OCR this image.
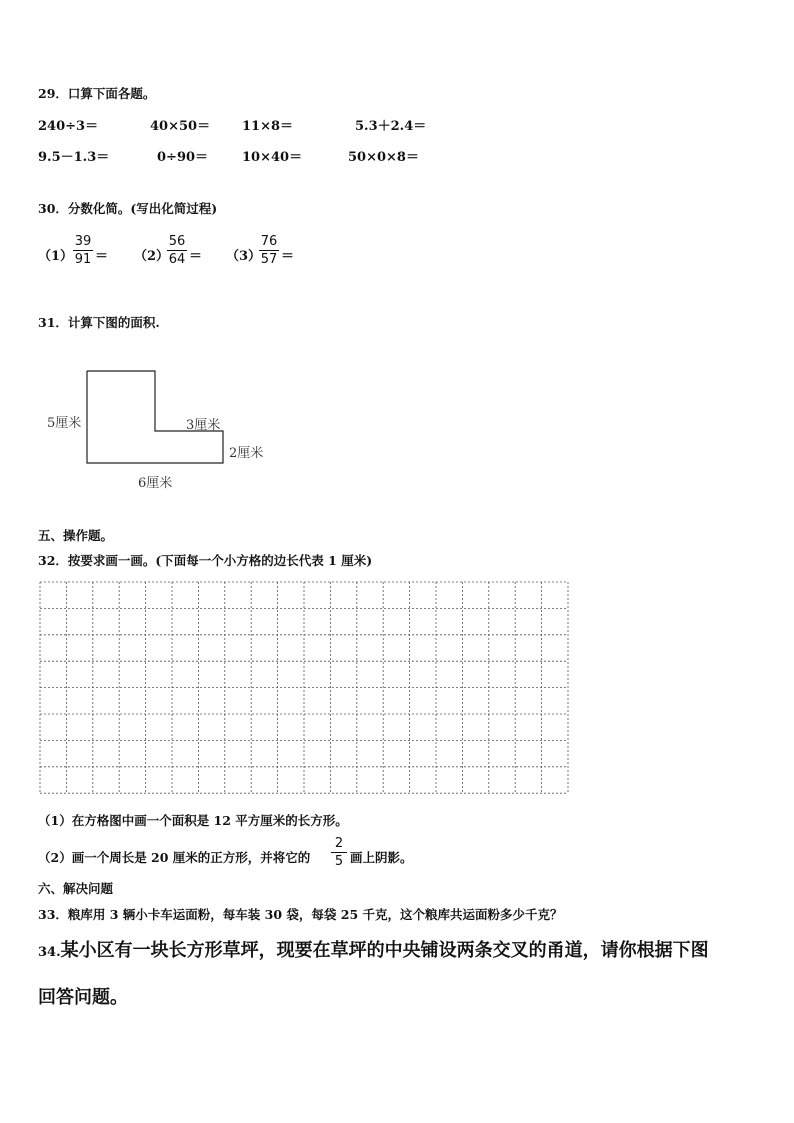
29．口算下面各题。
240÷3＝	40×50＝ 11×8＝	5.3＋2.4＝
9.5－1.3＝	0÷90＝	10×40＝	50×0×8＝
30．分数化简。(写出化简过程)
（1）
39
91 ＝ （2）
56
64 ＝ （3）
76
57 ＝
31．计算下图的面积.
5厘米	3厘米
2厘米
6厘米
五、操作题。
32．按要求画一画。(下面每一个小方格的边长代表 1 厘米)
（1）在方格图中画一个面积是 12 平方厘米的长方形。
（2）画一个周长是 20 厘米的正方形，并将它的
2
5 画上阴影。
六、解决问题
33．粮库用 3 辆小卡车运面粉，每车装 30 袋，每袋 25 千克，这个粮库共运面粉多少千克？
34.某小区有一块长方形草坪，现要在草坪的中央铺设两条交叉的甬道，请你根据下图
回答问题。
